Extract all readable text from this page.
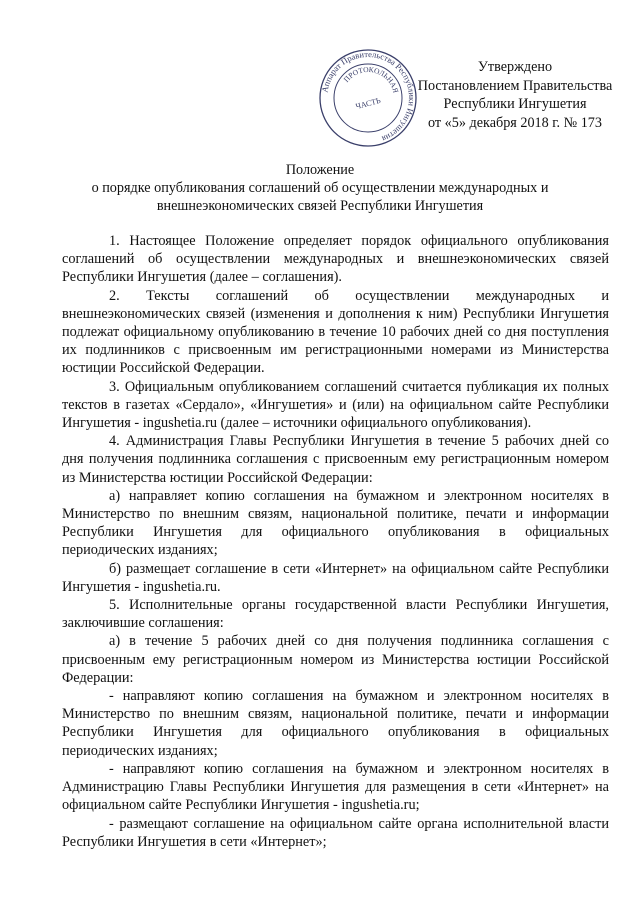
Аппарат Правительства Республики Ингушетия
ПРОТОКОЛЬНАЯ
ЧАСТЬ
Утверждено
Постановлением Правительства
Республики Ингушетия
от «5» декабря 2018 г. № 173
Положение
о порядке опубликования соглашений об осуществлении международных и внешнеэкономических связей Республики Ингушетия

1. Настоящее Положение определяет порядок официального опубликования соглашений об осуществлении международных и внешнеэкономических связей Республики Ингушетия (далее – соглашения).

2. Тексты соглашений об осуществлении международных и внешнеэкономических связей (изменения и дополнения к ним) Республики Ингушетия подлежат официальному опубликованию в течение 10 рабочих дней со дня поступления их подлинников с присвоенным им регистрационными номерами из Министерства юстиции Российской Федерации.

3. Официальным опубликованием соглашений считается публикация их полных текстов в газетах «Сердало», «Ингушетия» и (или) на официальном сайте Республики Ингушетия - ingushetia.ru (далее – источники официального опубликования).

4. Администрация Главы Республики Ингушетия в течение 5 рабочих дней со дня получения подлинника соглашения с присвоенным ему регистрационным номером из Министерства юстиции Российской Федерации:

а) направляет копию соглашения на бумажном и электронном носителях в Министерство по внешним связям, национальной политике, печати и информации Республики Ингушетия для официального опубликования в официальных периодических изданиях;

б) размещает соглашение в сети «Интернет» на официальном сайте Республики Ингушетия - ingushetia.ru.

5. Исполнительные органы государственной власти Республики Ингушетия, заключившие соглашения:

а) в течение 5 рабочих дней со дня получения подлинника соглашения с присвоенным ему регистрационным номером из Министерства юстиции Российской Федерации:

- направляют копию соглашения на бумажном и электронном носителях в Министерство по внешним связям, национальной политике, печати и информации Республики Ингушетия для официального опубликования в официальных периодических изданиях;

- направляют копию соглашения на бумажном и электронном носителях в Администрацию Главы Республики Ингушетия для размещения в сети «Интернет» на официальном сайте Республики Ингушетия - ingushetia.ru;

- размещают соглашение на официальном сайте органа исполнительной власти Республики Ингушетия в сети «Интернет»;
